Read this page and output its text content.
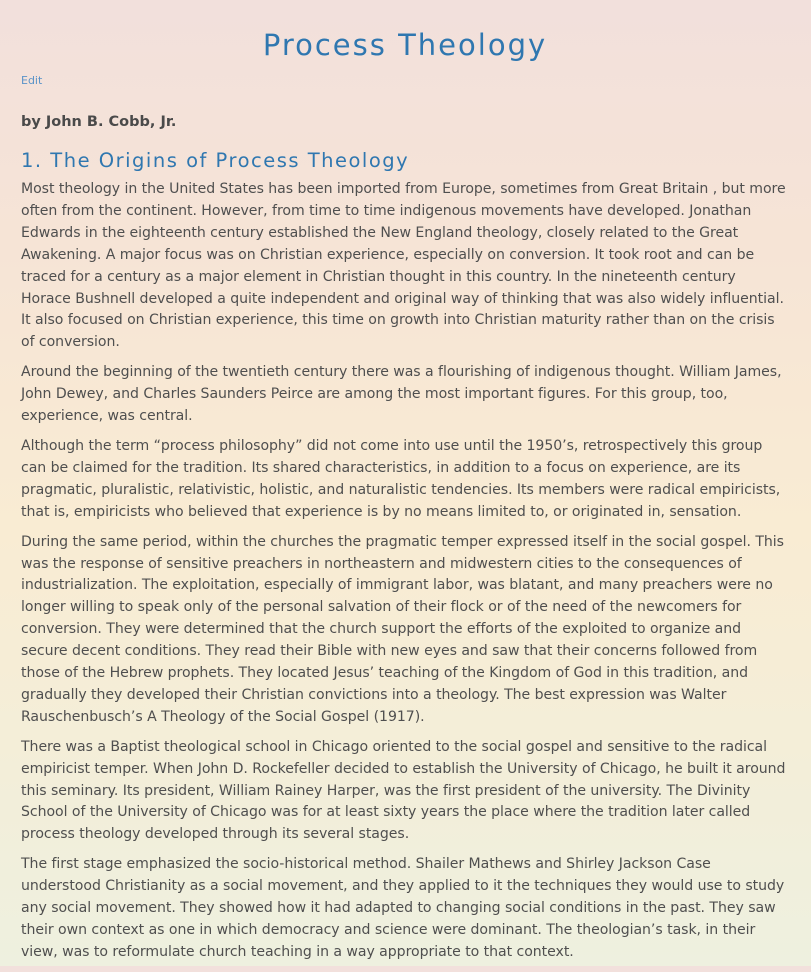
Process Theology
Edit

by John B. Cobb, Jr.

1. The Origins of Process Theology

Most theology in the United States has been imported from Europe, sometimes from Great Britain , but more often from the continent. However, from time to time indigenous movements have developed. Jonathan Edwards in the eighteenth century established the New England theology, closely related to the Great Awakening. A major focus was on Christian experience, especially on conversion. It took root and can be traced for a century as a major element in Christian thought in this country. In the nineteenth century Horace Bushnell developed a quite independent and original way of thinking that was also widely influential. It also focused on Christian experience, this time on growth into Christian maturity rather than on the crisis of conversion.

Around the beginning of the twentieth century there was a flourishing of indigenous thought. William James, John Dewey, and Charles Saunders Peirce are among the most important figures. For this group, too, experience, was central.

Although the term “process philosophy” did not come into use until the 1950’s, retrospectively this group can be claimed for the tradition. Its shared characteristics, in addition to a focus on experience, are its pragmatic, pluralistic, relativistic, holistic, and naturalistic tendencies. Its members were radical empiricists, that is, empiricists who believed that experience is by no means limited to, or originated in, sensation.

During the same period, within the churches the pragmatic temper expressed itself in the social gospel. This was the response of sensitive preachers in northeastern and midwestern cities to the consequences of industrialization. The exploitation, especially of immigrant labor, was blatant, and many preachers were no longer willing to speak only of the personal salvation of their flock or of the need of the newcomers for conversion. They were determined that the church support the efforts of the exploited to organize and secure decent conditions. They read their Bible with new eyes and saw that their concerns followed from those of the Hebrew prophets. They located Jesus’ teaching of the Kingdom of God in this tradition, and gradually they developed their Christian convictions into a theology. The best expression was Walter Rauschenbusch’s A Theology of the Social Gospel (1917).

There was a Baptist theological school in Chicago oriented to the social gospel and sensitive to the radical empiricist temper. When John D. Rockefeller decided to establish the University of Chicago, he built it around this seminary. Its president, William Rainey Harper, was the first president of the university. The Divinity School of the University of Chicago was for at least sixty years the place where the tradition later called process theology developed through its several stages.

The first stage emphasized the socio-historical method. Shailer Mathews and Shirley Jackson Case understood Christianity as a social movement, and they applied to it the techniques they would use to study any social movement. They showed how it had adapted to changing social conditions in the past. They saw their own context as one in which democracy and science were dominant. The theologian’s task, in their view, was to reformulate church teaching in a way appropriate to that context.
